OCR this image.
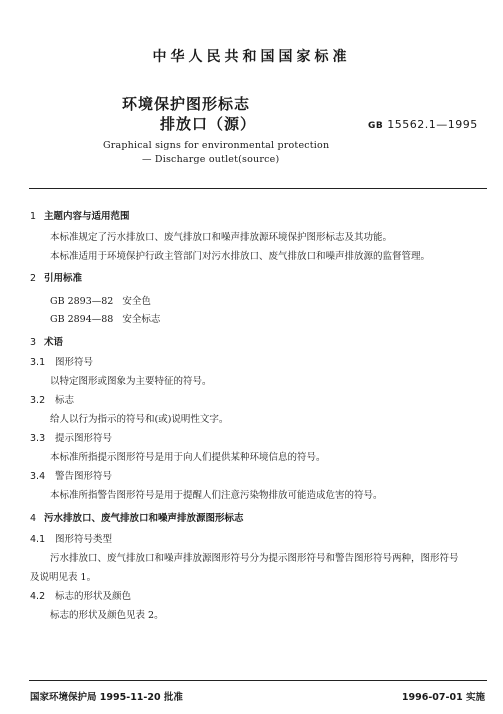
中华人民共和国国家标准
环境保护图形标志
排放口（源）	GB 15562.1—1995
Graphical signs for environmental protection
— Discharge outlet(source)
1 主题内容与适用范围
本标准规定了污水排放口、废气排放口和噪声排放源环境保护图形标志及其功能。
本标准适用于环境保护行政主管部门对污水排放口、废气排放口和噪声排放源的监督管理。
2 引用标准
GB 2893—82   安全色
GB 2894—88   安全标志
3 术语
3.1 图形符号
以特定图形或图象为主要特征的符号。
3.2 标志
给人以行为指示的符号和(或)说明性文字。
3.3 提示图形符号
本标准所指提示图形符号是用于向人们提供某种环境信息的符号。
3.4 警告图形符号
本标准所指警告图形符号是用于提醒人们注意污染物排放可能造成危害的符号。
4 污水排放口、废气排放口和噪声排放源图形标志
4.1 图形符号类型
污水排放口、废气排放口和噪声排放源图形符号分为提示图形符号和警告图形符号两种，图形符号
及说明见表 1。
4.2 标志的形状及颜色
标志的形状及颜色见表 2。
国家环境保护局 1995-11-20 批准	1996-07-01 实施
